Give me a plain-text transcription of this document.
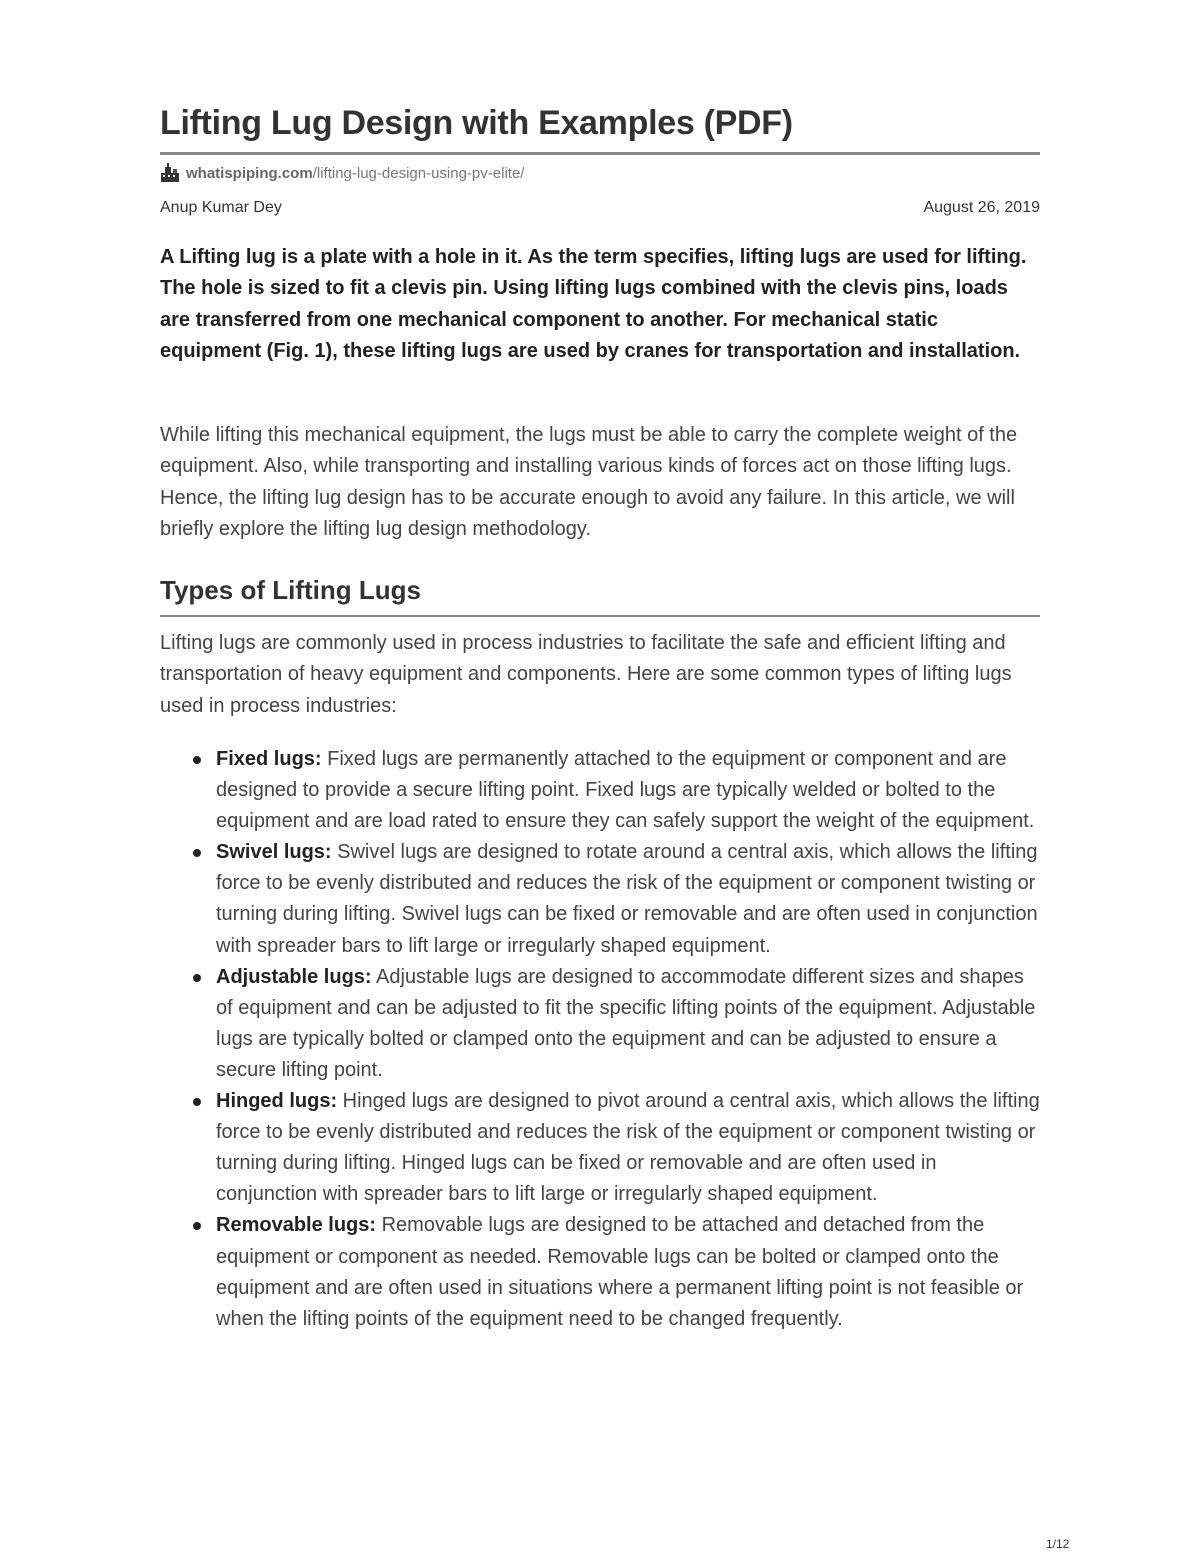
Lifting Lug Design with Examples (PDF)
whatispiping.com /lifting-lug-design-using-pv-elite/
Anup Kumar Dey	August 26, 2019

A Lifting lug is a plate with a hole in it. As the term specifies, lifting lugs are used for lifting. The hole is sized to fit a clevis pin. Using lifting lugs combined with the clevis pins, loads are transferred from one mechanical component to another. For mechanical static equipment (Fig. 1), these lifting lugs are used by cranes for transportation and installation.

While lifting this mechanical equipment, the lugs must be able to carry the complete weight of the equipment. Also, while transporting and installing various kinds of forces act on those lifting lugs. Hence, the lifting lug design has to be accurate enough to avoid any failure. In this article, we will briefly explore the lifting lug design methodology.

Types of Lifting Lugs

Lifting lugs are commonly used in process industries to facilitate the safe and efficient lifting and transportation of heavy equipment and components. Here are some common types of lifting lugs used in process industries:

Fixed lugs: Fixed lugs are permanently attached to the equipment or component and are designed to provide a secure lifting point. Fixed lugs are typically welded or bolted to the equipment and are load rated to ensure they can safely support the weight of the equipment.
Swivel lugs: Swivel lugs are designed to rotate around a central axis, which allows the lifting force to be evenly distributed and reduces the risk of the equipment or component twisting or turning during lifting. Swivel lugs can be fixed or removable and are often used in conjunction with spreader bars to lift large or irregularly shaped equipment.
Adjustable lugs: Adjustable lugs are designed to accommodate different sizes and shapes of equipment and can be adjusted to fit the specific lifting points of the equipment. Adjustable lugs are typically bolted or clamped onto the equipment and can be adjusted to ensure a secure lifting point.
Hinged lugs: Hinged lugs are designed to pivot around a central axis, which allows the lifting force to be evenly distributed and reduces the risk of the equipment or component twisting or turning during lifting. Hinged lugs can be fixed or removable and are often used in conjunction with spreader bars to lift large or irregularly shaped equipment.
Removable lugs: Removable lugs are designed to be attached and detached from the equipment or component as needed. Removable lugs can be bolted or clamped onto the equipment and are often used in situations where a permanent lifting point is not feasible or when the lifting points of the equipment need to be changed frequently.
1/12
